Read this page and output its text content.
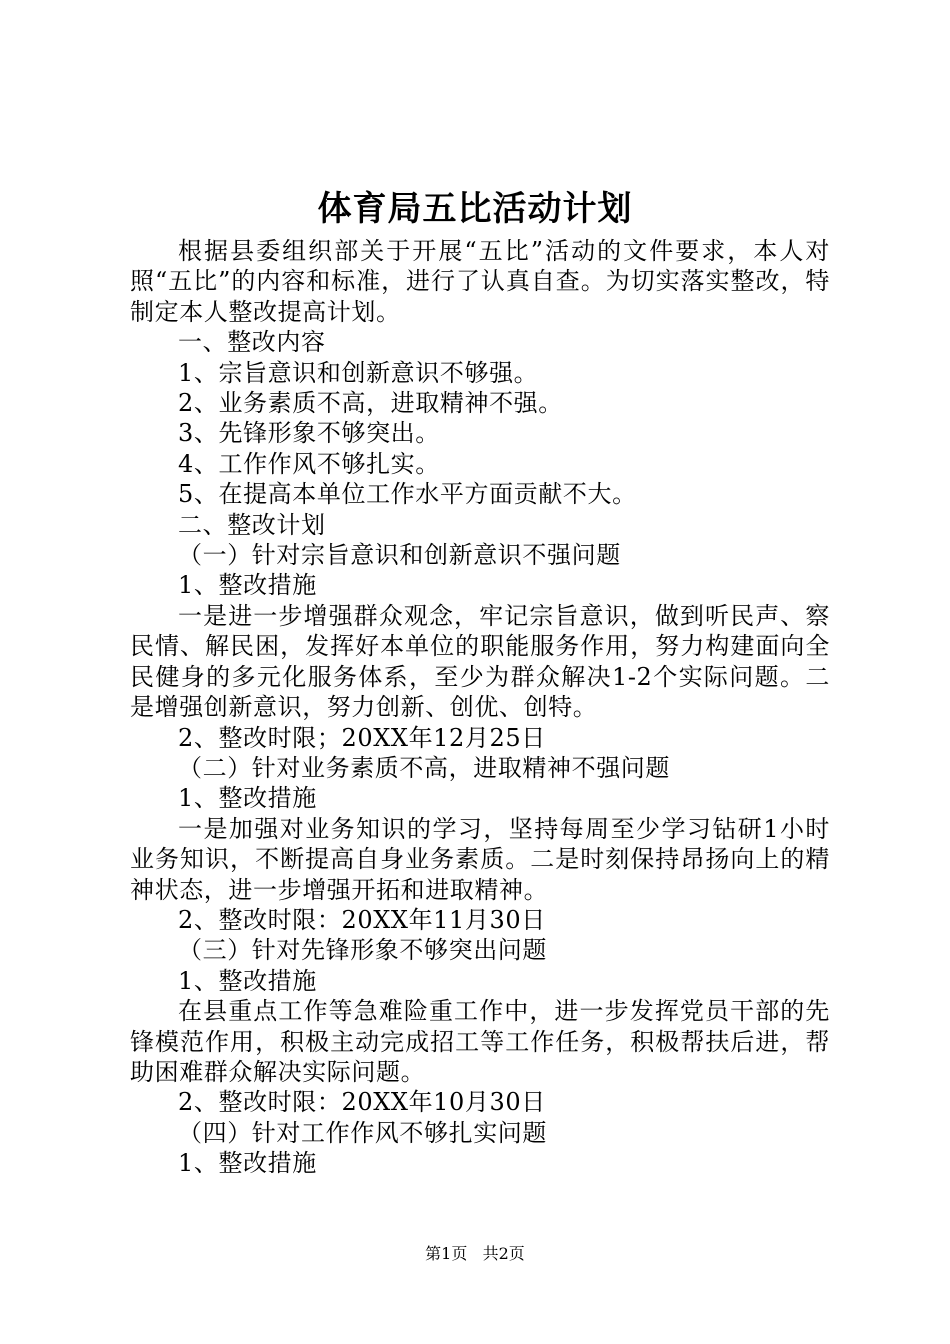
体育局五比活动计划

根据县委组织部关于开展“五比”活动的文件要求，本人对照“五比”的内容和标准，进行了认真自查。为切实落实整改，特制定本人整改提高计划。

一、整改内容

1、宗旨意识和创新意识不够强。

2、业务素质不高，进取精神不强。

3、先锋形象不够突出。

4、工作作风不够扎实。

5、在提高本单位工作水平方面贡献不大。

二、整改计划

（一）针对宗旨意识和创新意识不强问题

1、整改措施

一是进一步增强群众观念，牢记宗旨意识，做到听民声、察民情、解民困，发挥好本单位的职能服务作用，努力构建面向全民健身的多元化服务体系，至少为群众解决1-2个实际问题。二是增强创新意识，努力创新、创优、创特。

2、整改时限；20XX年12月25日

（二）针对业务素质不高，进取精神不强问题

1、整改措施

一是加强对业务知识的学习，坚持每周至少学习钻研1小时业务知识，不断提高自身业务素质。二是时刻保持昂扬向上的精神状态，进一步增强开拓和进取精神。

2、整改时限：20XX年11月30日

（三）针对先锋形象不够突出问题

1、整改措施

在县重点工作等急难险重工作中，进一步发挥党员干部的先锋模范作用，积极主动完成招工等工作任务，积极帮扶后进，帮助困难群众解决实际问题。

2、整改时限：20XX年10月30日

（四）针对工作作风不够扎实问题

1、整改措施

第1页 共2页
